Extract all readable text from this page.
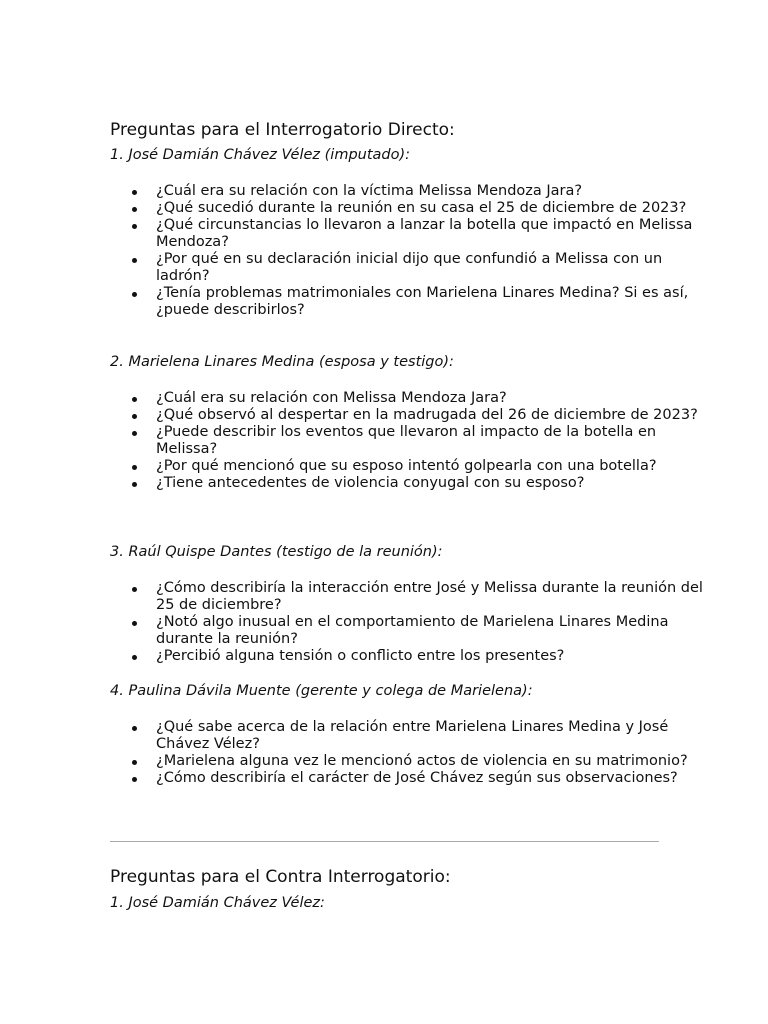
Preguntas para el Interrogatorio Directo:

1. José Damián Chávez Vélez (imputado):

¿Cuál era su relación con la víctima Melissa Mendoza Jara?
¿Qué sucedió durante la reunión en su casa el 25 de diciembre de 2023?
¿Qué circunstancias lo llevaron a lanzar la botella que impactó en Melissa Mendoza?
¿Por qué en su declaración inicial dijo que confundió a Melissa con un ladrón?
¿Tenía problemas matrimoniales con Marielena Linares Medina? Si es así, ¿puede describirlos?

2. Marielena Linares Medina (esposa y testigo):

¿Cuál era su relación con Melissa Mendoza Jara?
¿Qué observó al despertar en la madrugada del 26 de diciembre de 2023?
¿Puede describir los eventos que llevaron al impacto de la botella en Melissa?
¿Por qué mencionó que su esposo intentó golpearla con una botella?
¿Tiene antecedentes de violencia conyugal con su esposo?

3. Raúl Quispe Dantes (testigo de la reunión):

¿Cómo describiría la interacción entre José y Melissa durante la reunión del 25 de diciembre?
¿Notó algo inusual en el comportamiento de Marielena Linares Medina durante la reunión?
¿Percibió alguna tensión o conflicto entre los presentes?

4. Paulina Dávila Muente (gerente y colega de Marielena):

¿Qué sabe acerca de la relación entre Marielena Linares Medina y José Chávez Vélez?
¿Marielena alguna vez le mencionó actos de violencia en su matrimonio?
¿Cómo describiría el carácter de José Chávez según sus observaciones?
Preguntas para el Contra Interrogatorio:

1. José Damián Chávez Vélez:
